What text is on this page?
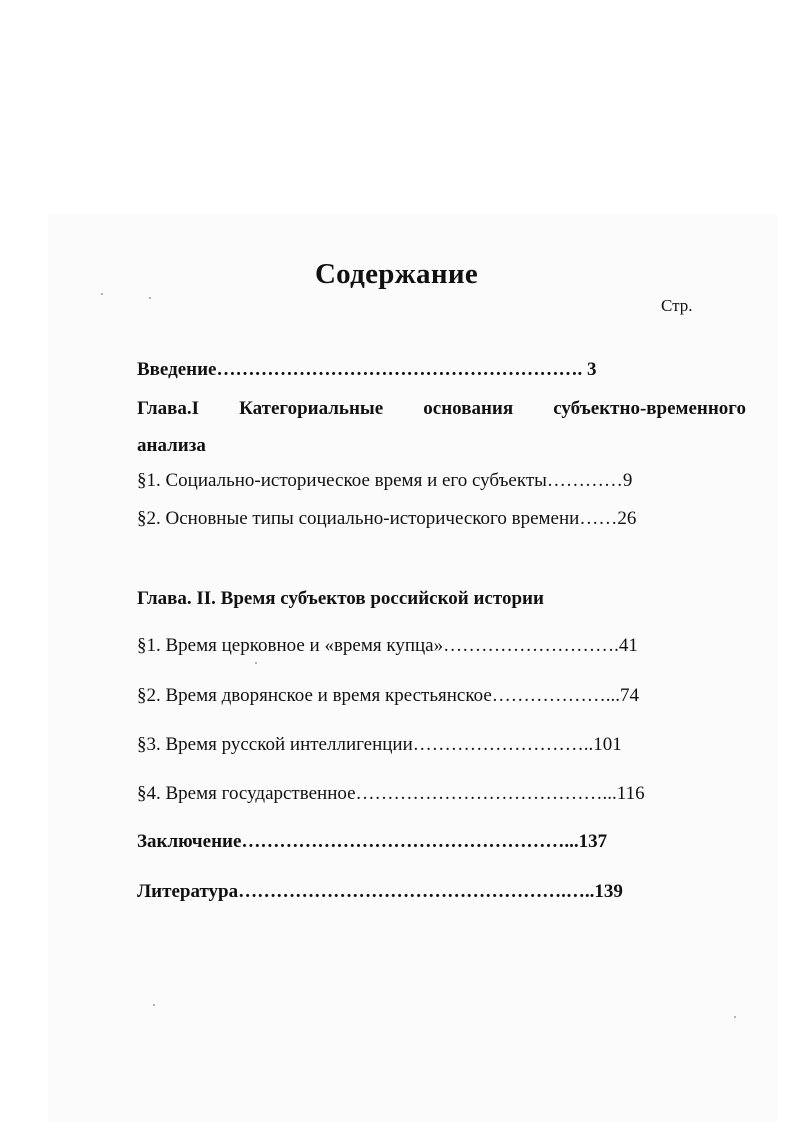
Содержание
Стр.
Введение…………………………………………………. 3
Глава.I Категориальные основания субъектно-временного
анализа
§1. Социально-историческое время и его субъекты…………9
§2. Основные типы социально-исторического времени……26
Глава. II. Время субъектов российской истории
§1. Время церковное и «время купца»……………………….41
§2. Время дворянское и время крестьянское………………...74
§3. Время русской интеллигенции………………………..101
§4. Время государственное…………………………………...116
Заключение……………………………………………...137
Литература…………………………………………….…..139
